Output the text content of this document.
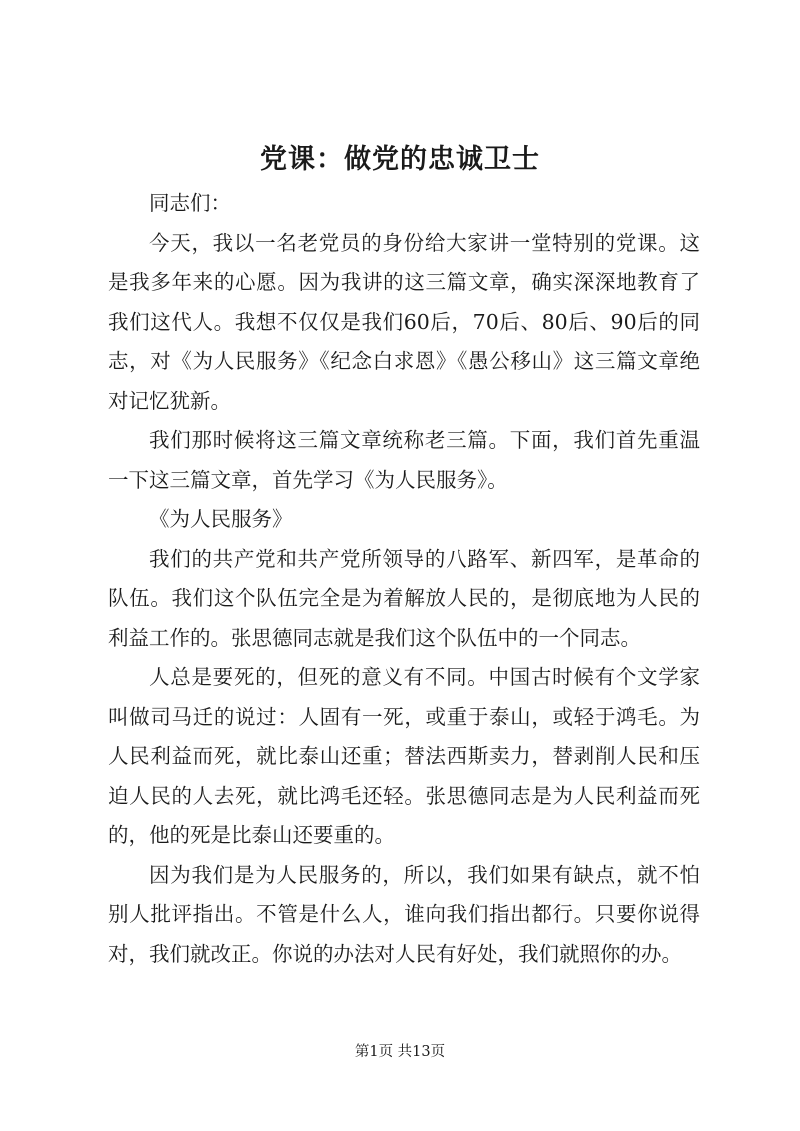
党课：做党的忠诚卫士

同志们：

今天，我以一名老党员的身份给大家讲一堂特别的党课。这是我多年来的心愿。因为我讲的这三篇文章，确实深深地教育了我们这代人。我想不仅仅是我们60后，70后、80后、90后的同志，对《为人民服务》《纪念白求恩》《愚公移山》这三篇文章绝对记忆犹新。

我们那时候将这三篇文章统称老三篇。下面，我们首先重温一下这三篇文章，首先学习《为人民服务》。

《为人民服务》

我们的共产党和共产党所领导的八路军、新四军，是革命的队伍。我们这个队伍完全是为着解放人民的，是彻底地为人民的利益工作的。张思德同志就是我们这个队伍中的一个同志。

人总是要死的，但死的意义有不同。中国古时候有个文学家叫做司马迁的说过：人固有一死，或重于泰山，或轻于鸿毛。为人民利益而死，就比泰山还重；替法西斯卖力，替剥削人民和压迫人民的人去死，就比鸿毛还轻。张思德同志是为人民利益而死的，他的死是比泰山还要重的。

因为我们是为人民服务的，所以，我们如果有缺点，就不怕别人批评指出。不管是什么人，谁向我们指出都行。只要你说得对，我们就改正。你说的办法对人民有好处，我们就照你的办。

第1页 共13页
